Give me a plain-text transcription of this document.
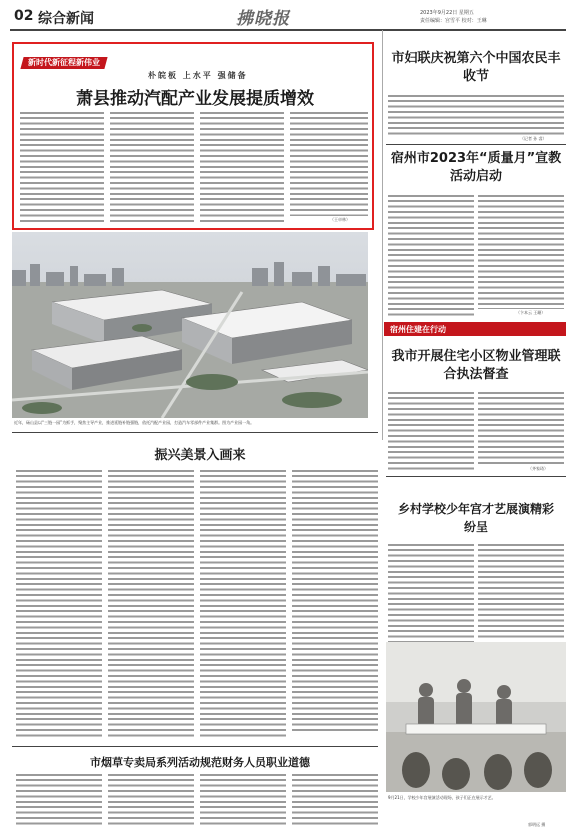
02 综合新闻	拂晓报	2023年9月22日 星期五
责任编辑：宫雪平 校对：王琳
新时代新征程新伟业
朴皖板 上水平 强储备
萧县推动汽配产业发展提质增效
（王卓林）
近年，砀山县以“三链一园”为抓手，聚焦主导产业，推进延链补链强链，依托汽配产业园，打造汽车零部件产业集群。图为产业园一角。
市妇联庆祝第六个中国农民丰收节
（记者 孙 睿）
宿州市2023年“质量月”宣教活动启动
（卞本云 王珊）
宿州住建在行动
我市开展住宅小区物业管理联合执法督查
（齐家琦）
乡村学校少年宫才艺展演精彩纷呈
9月21日，学校少年宫展演活动现场，孩子们正在展示才艺。
振兴美景入画来
市烟草专卖局系列活动规范财务人员职业道德
郭明远 摄
